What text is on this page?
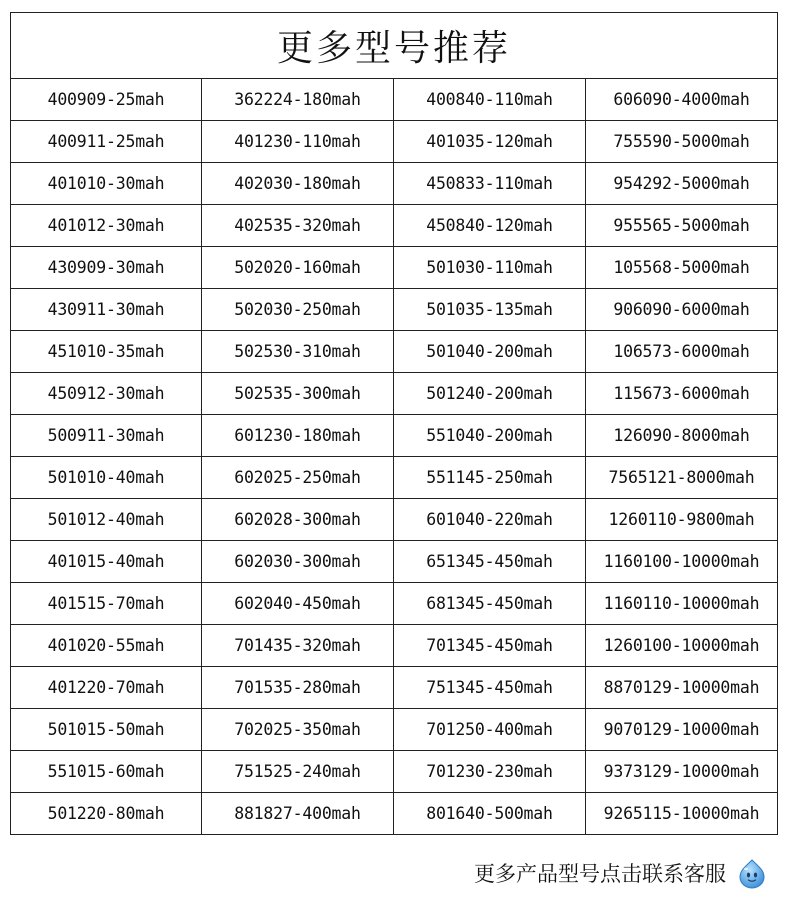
更多型号推荐			
400909-25mah	362224-180mah	400840-110mah	606090-4000mah
400911-25mah	401230-110mah	401035-120mah	755590-5000mah
401010-30mah	402030-180mah	450833-110mah	954292-5000mah
401012-30mah	402535-320mah	450840-120mah	955565-5000mah
430909-30mah	502020-160mah	501030-110mah	105568-5000mah
430911-30mah	502030-250mah	501035-135mah	906090-6000mah
451010-35mah	502530-310mah	501040-200mah	106573-6000mah
450912-30mah	502535-300mah	501240-200mah	115673-6000mah
500911-30mah	601230-180mah	551040-200mah	126090-8000mah
501010-40mah	602025-250mah	551145-250mah	7565121-8000mah
501012-40mah	602028-300mah	601040-220mah	1260110-9800mah
401015-40mah	602030-300mah	651345-450mah	1160100-10000mah
401515-70mah	602040-450mah	681345-450mah	1160110-10000mah
401020-55mah	701435-320mah	701345-450mah	1260100-10000mah
401220-70mah	701535-280mah	751345-450mah	8870129-10000mah
501015-50mah	702025-350mah	701250-400mah	9070129-10000mah
551015-60mah	751525-240mah	701230-230mah	9373129-10000mah
501220-80mah	881827-400mah	801640-500mah	9265115-10000mah
更多产品型号点击联系客服
